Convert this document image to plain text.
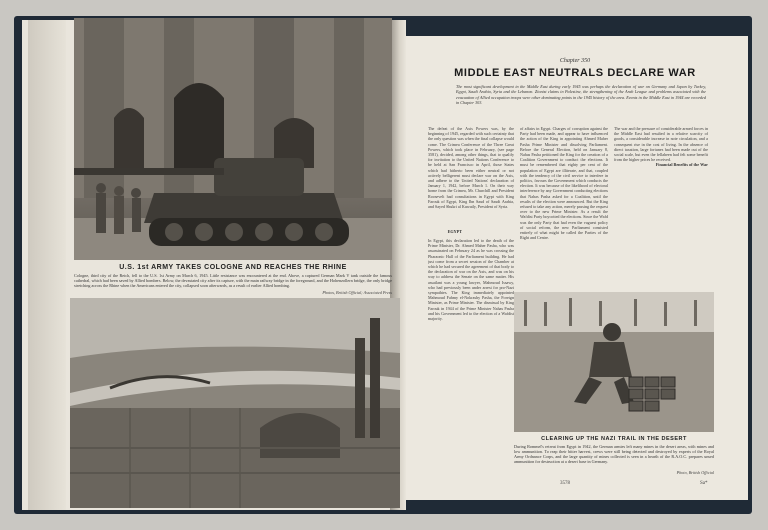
U.S. 1st ARMY TAKES COLOGNE AND REACHES THE RHINE
Cologne, third city of the Reich, fell to the U.S. 1st Army on March 6, 1945. Little resistance was encountered at the end. Above, a captured German Mark V tank outside the famous cathedral, which had been saved by Allied bombers. Below, the devastated city after its capture, with the main railway bridge in the foreground, and the Hohenzollern bridge, the only bridge stretching across the Rhine when the Americans entered the city, collapsed soon afterwards, as a result of earlier Allied bombing.
Photos, British Official; Associated Press
Chapter 350
MIDDLE EAST NEUTRALS DECLARE WAR
The most significant development in the Middle East during early 1945 was perhaps the declaration of war on Germany and Japan by Turkey, Egypt, Saudi Arabia, Syria and the Lebanon. Zionist claims in Palestine, the strengthening of the Arab League and problems associated with the evacuation of Allied occupation troops were other dominating points in the 1945 history of the area. Events in the Middle East in 1944 are recorded in Chapter 303.
The defeat of the Axis Powers was, by the beginning of 1945, regarded with such certainty that the only question was when the final collapse would come. The Crimea Conference of the Three Great Powers, which took place in February, (see page 3581), decided, among other things, that to qualify for invitation to the United Nations Conference to be held at San Francisco in April, those States which had hitherto been either neutral or not actively belligerent must declare war on the Axis, and adhere to the United Nations' declaration of January 1, 1942, before March 1. On their way home from the Crimea, Mr. Churchill and President Roosevelt had consultations in Egypt with King Farouk of Egypt, King Ibn Saud of Saudi Arabia, and Sayed Shukri al Kuwatly, President of Syria.
EGYPT
In Egypt, this declaration led to the death of the Prime Minister, Dr. Ahmed Maher Pasha, who was assassinated on February 24 as he was crossing the Pharaonic Hall of the Parliament building. He had just come from a secret session of the Chamber at which he had secured the agreement of that body to the declaration of war on the Axis, and was on his way to address the Senate on the same matter. His assailant was a young lawyer, Mahmoud Issawy, who had previously been under arrest for pro-Nazi sympathies. The King immediately appointed Mahmoud Fahmy el-Nokrashy Pasha, the Foreign Minister, as Prime Minister. The dismissal by King Farouk in 1944 of the Prime Minister Nahas Pasha and his Government led to the election of a Wafdist majority.
of affairs in Egypt. Charges of corruption against the Party had been made, and appear to have influenced the action of the King in appointing Ahmed Maher Pasha Prime Minister and dissolving Parliament. Before the General Election, held on January 8, Nahas Pasha petitioned the King for the creation of a Coalition Government to conduct the elections. It must be remembered that eighty per cent of the population of Egypt are illiterate, and that, coupled with the tendency of the civil service to interfere in politics, favours the Government which conducts the election. It was because of the likelihood of electoral interference by any Government conducting elections that Nahas Pasha asked for a Coalition, until the results of the election were announced. But the King refused to take any action, merely passing the request over to the new Prime Minister. As a result the Wafdist Party boycotted the elections. Since the Wafd was the only Party that had even the vaguest policy of social reform, the new Parliament consisted entirely of what might be called the Parties of the Right and Centre.
The war and the pressure of considerable armed forces in the Middle East had resulted in a relative scarcity of goods, a considerable increase in note circulation, and a consequent rise in the cost of living. In the absence of direct taxation, large fortunes had been made out of the social scale, but even the fellaheen had felt some benefit from the higher prices he received.
Financial Benefits of the War
CLEARING UP THE NAZI TRAIL IN THE DESERT
During Rommel's retreat from Egypt in 1942, the German armies left many mines in the desert areas, with mines and low ammunition. To reap their bitter harvest, crews were still being detected and destroyed by experts of the Royal Army Ordnance Corps, and the large quantity of mines collected is seen in a hearth of the R.A.O.C. prepares unsed ammunition for destruction at a desert base in Germany.
Photo, British Official
3578	Sa*
